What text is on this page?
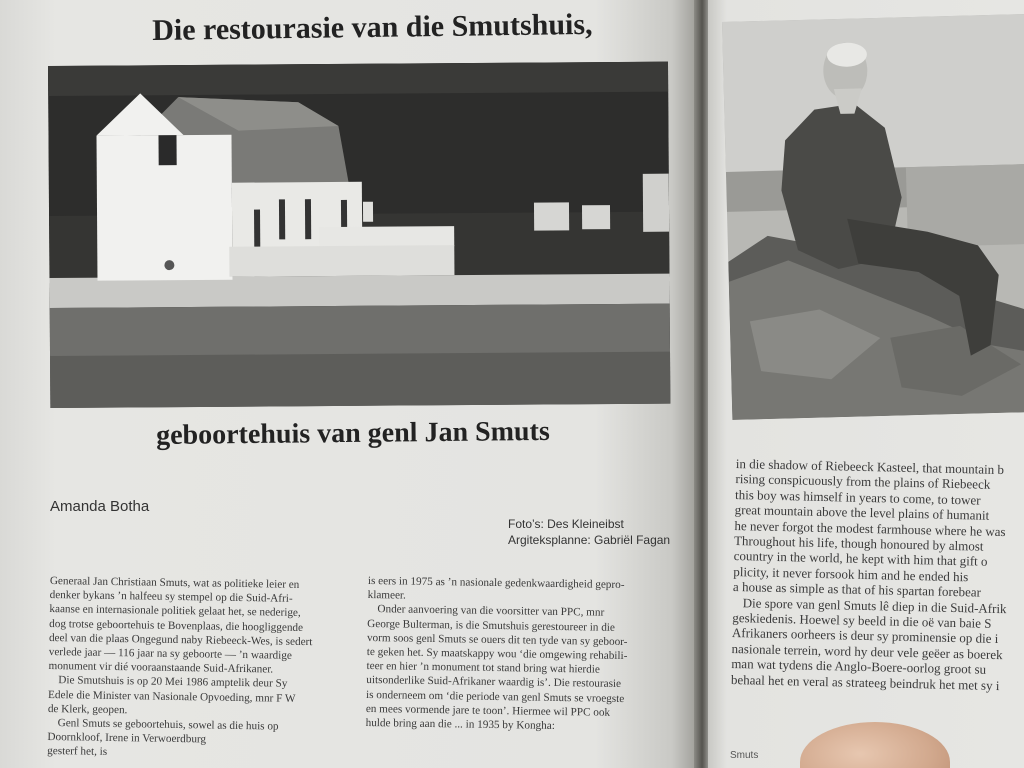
Die restourasie van die Smutshuis,
geboortehuis van genl Jan Smuts
Amanda Botha
Foto’s: Des Kleineibst
Argiteksplanne: Gabriël Fagan
Generaal Jan Christiaan Smuts, wat as politieke leier en
denker bykans ’n halfeeu sy stempel op die Suid-Afri-
kaanse en internasionale politiek gelaat het, se nederige,
dog trotse geboortehuis te Bovenplaas, die hoogliggende
deel van die plaas Ongegund naby Riebeeck-Wes, is sedert
verlede jaar — 116 jaar na sy geboorte — ’n waardige
monument vir dié vooraanstaande Suid-Afrikaner.
Die Smutshuis is op 20 Mei 1986 amptelik deur Sy
Edele die Minister van Nasionale Opvoeding, mnr F W
de Klerk, geopen.
Genl Smuts se geboortehuis, sowel as die huis op
Doornkloof, Irene in Verwoerdburg
gesterf het, is
is eers in 1975 as ’n nasionale gedenkwaardigheid gepro-
klameer.
Onder aanvoering van die voorsitter van PPC, mnr
George Bulterman, is die Smutshuis gerestoureer in die
vorm soos genl Smuts se ouers dit ten tyde van sy geboor-
te geken het. Sy maatskappy wou ‘die omgewing rehabili-
teer en hier ’n monument tot stand bring wat hierdie
uitsonderlike Suid-Afrikaner waardig is’. Die restourasie
is onderneem om ‘die periode van genl Smuts se vroegste
en mees vormende jare te toon’. Hiermee wil PPC ook
hulde bring aan die ... in 1935 by Kongha:
in die shadow of Riebeeck Kasteel, that mountain b
rising conspicuously from the plains of Riebeeck
this boy was himself in years to come, to tower
great mountain above the level plains of humanit
he never forgot the modest farmhouse where he was
Throughout his life, though honoured by almost
country in the world, he kept with him that gift o
plicity, it never forsook him and he ended his
a house as simple as that of his spartan forebear
Die spore van genl Smuts lê diep in die Suid-Afrik
geskiedenis. Hoewel sy beeld in die oë van baie S
Afrikaners oorheers is deur sy prominensie op die i
nasionale terrein, word hy deur vele geëer as boerek
man wat tydens die Anglo-Boere-oorlog groot su
behaal het en veral as strateeg beindruk het met sy i
Smuts
